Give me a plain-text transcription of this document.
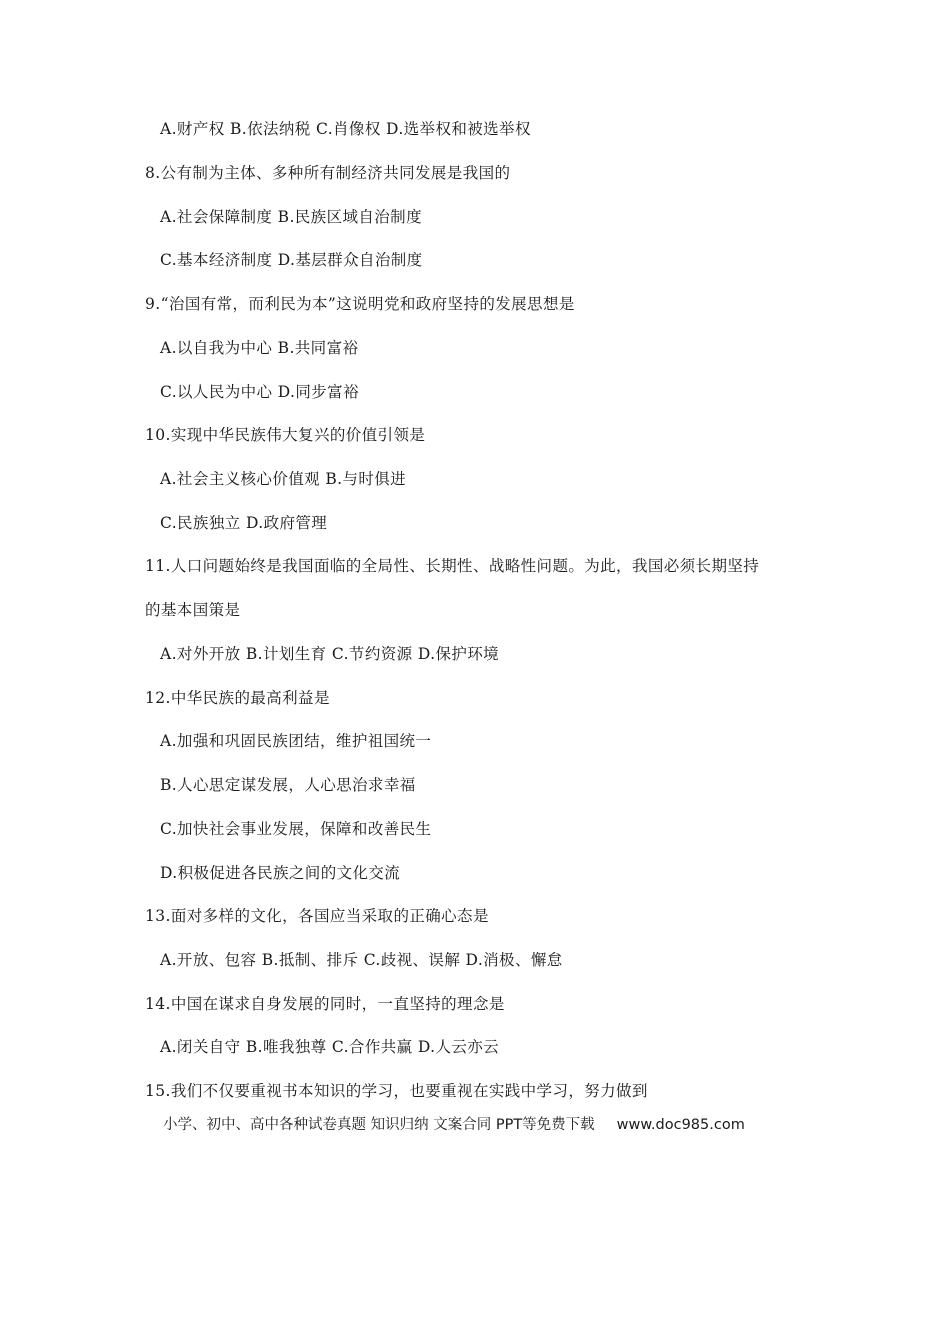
A.财产权 B.依法纳税 C.肖像权 D.选举权和被选举权
8.公有制为主体、多种所有制经济共同发展是我国的
A.社会保障制度 B.民族区域自治制度
C.基本经济制度 D.基层群众自治制度
9.“治国有常，而利民为本”这说明党和政府坚持的发展思想是
A.以自我为中心 B.共同富裕
C.以人民为中心 D.同步富裕
10.实现中华民族伟大复兴的价值引领是
A.社会主义核心价值观 B.与时俱进
C.民族独立 D.政府管理
11.人口问题始终是我国面临的全局性、长期性、战略性问题。为此，我国必须长期坚持
的基本国策是
A.对外开放 B.计划生育 C.节约资源 D.保护环境
12.中华民族的最高利益是
A.加强和巩固民族团结，维护祖国统一
B.人心思定谋发展，人心思治求幸福
C.加快社会事业发展，保障和改善民生
D.积极促进各民族之间的文化交流
13.面对多样的文化，各国应当采取的正确心态是
A.开放、包容 B.抵制、排斥 C.歧视、误解 D.消极、懈怠
14.中国在谋求自身发展的同时，一直坚持的理念是
A.闭关自守 B.唯我独尊 C.合作共赢 D.人云亦云
15.我们不仅要重视书本知识的学习，也要重视在实践中学习，努力做到
小学、初中、高中各种试卷真题 知识归纳 文案合同 PPT等免费下载 www.doc985.com
